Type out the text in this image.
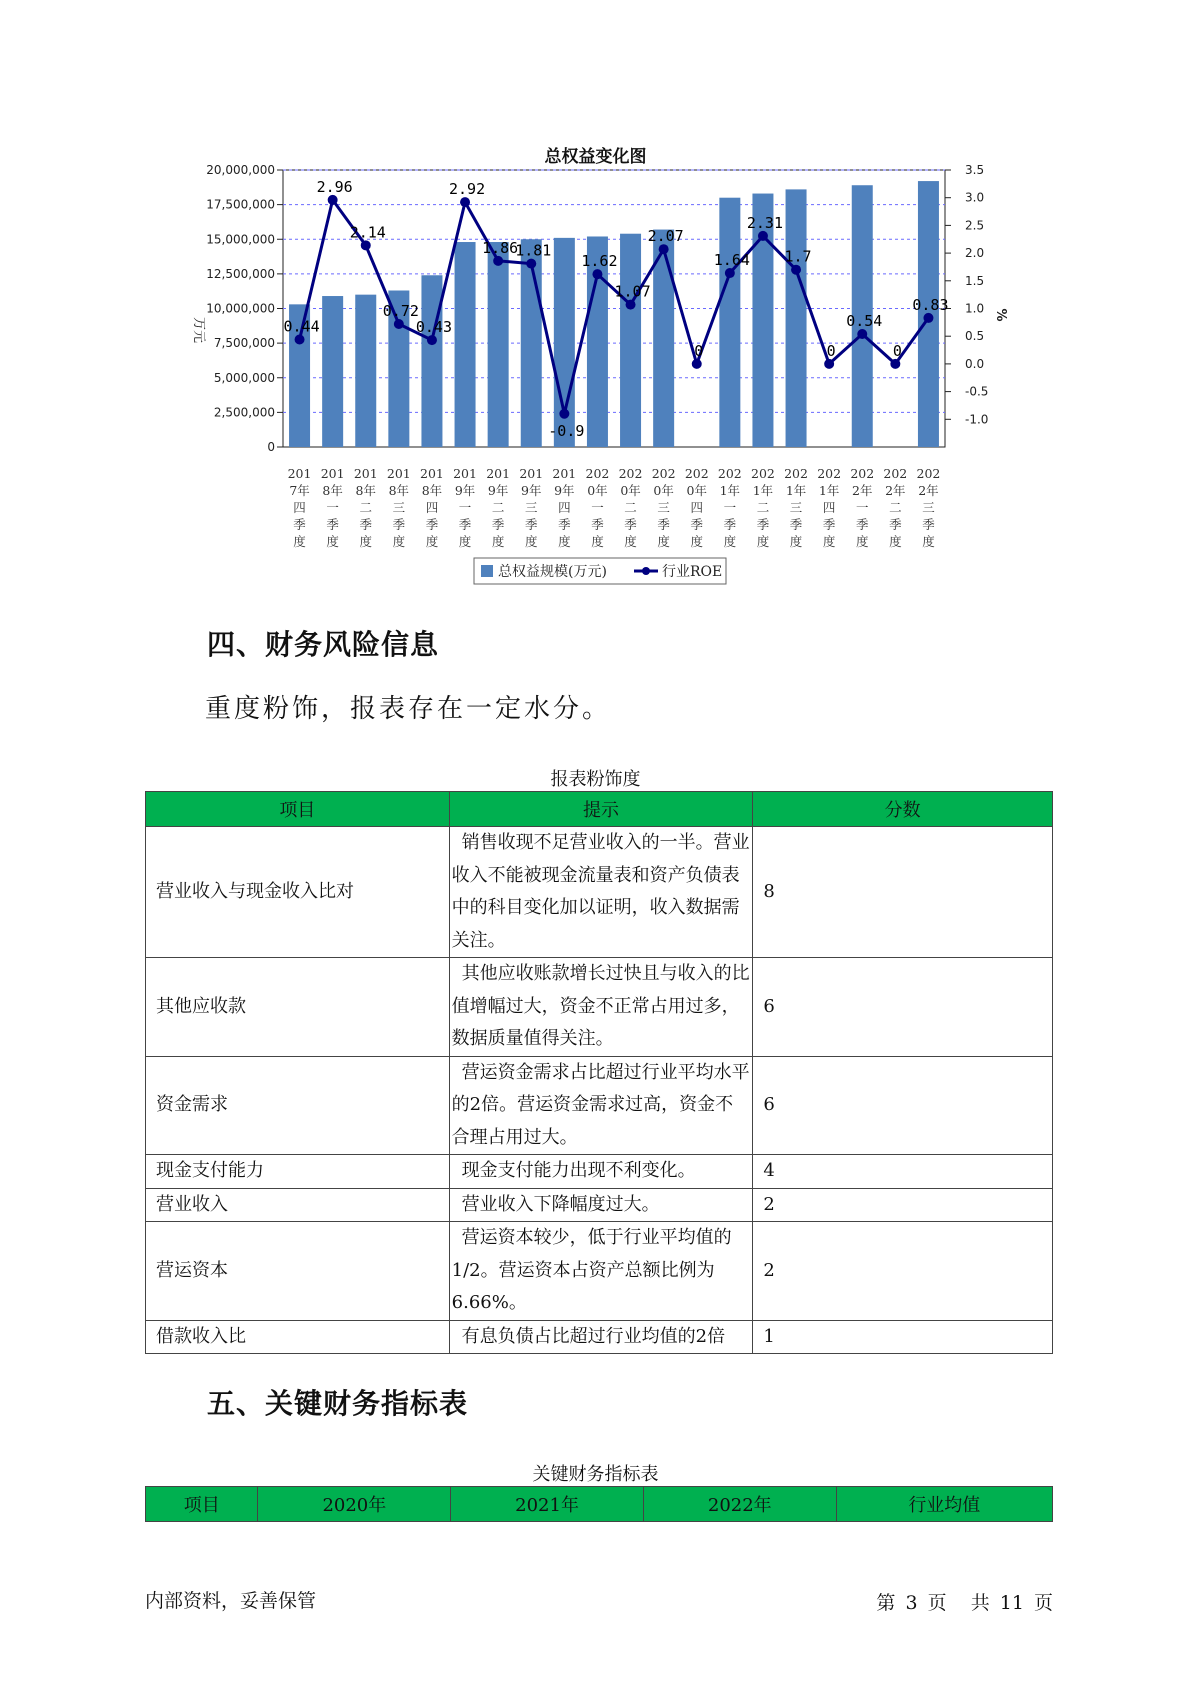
总权益变化图
0
2,500,000
5,000,000
7,500,000
10,000,000
12,500,000
15,000,000
17,500,000
20,000,000
-1.0
-0.5
0.0
0.5
1.0
1.5
2.0
2.5
3.0
3.5
万元
%
0.44
2.96
2.14
0.72
0.43
2.92
1.86
1.81
-0.9
1.62
1.07
2.07
0
1.64
2.31
1.7
0
0.54
0
0.83
201
7年
四
季
度
201
8年
一
季
度
201
8年
二
季
度
201
8年
三
季
度
201
8年
四
季
度
201
9年
一
季
度
201
9年
二
季
度
201
9年
三
季
度
201
9年
四
季
度
202
0年
一
季
度
202
0年
二
季
度
202
0年
三
季
度
202
0年
四
季
度
202
1年
一
季
度
202
1年
二
季
度
202
1年
三
季
度
202
1年
四
季
度
202
2年
一
季
度
202
2年
二
季
度
202
2年
三
季
度
总权益规模(万元)	行业ROE
四、财务风险信息
重度粉饰，报表存在一定水分。
报表粉饰度
项目	提示	分数
营业收入与现金收入比对	销售收现不足营业收入的一半。营业收入不能被现金流量表和资产负债表中的科目变化加以证明，收入数据需关注。	8
其他应收款	其他应收账款增长过快且与收入的比值增幅过大，资金不正常占用过多，数据质量值得关注。	6
资金需求	营运资金需求占比超过行业平均水平的2倍。营运资金需求过高，资金不合理占用过大。	6
现金支付能力	现金支付能力出现不利变化。	4
营业收入	营业收入下降幅度过大。	2
营运资本	营运资本较少，低于行业平均值的1/2。营运资本占资产总额比例为6.66%。	2
借款收入比	有息负债占比超过行业均值的2倍	1
五、关键财务指标表
关键财务指标表
项目	2020年	2021年	2022年	行业均值
内部资料，妥善保管	第 3 页 共 11 页
